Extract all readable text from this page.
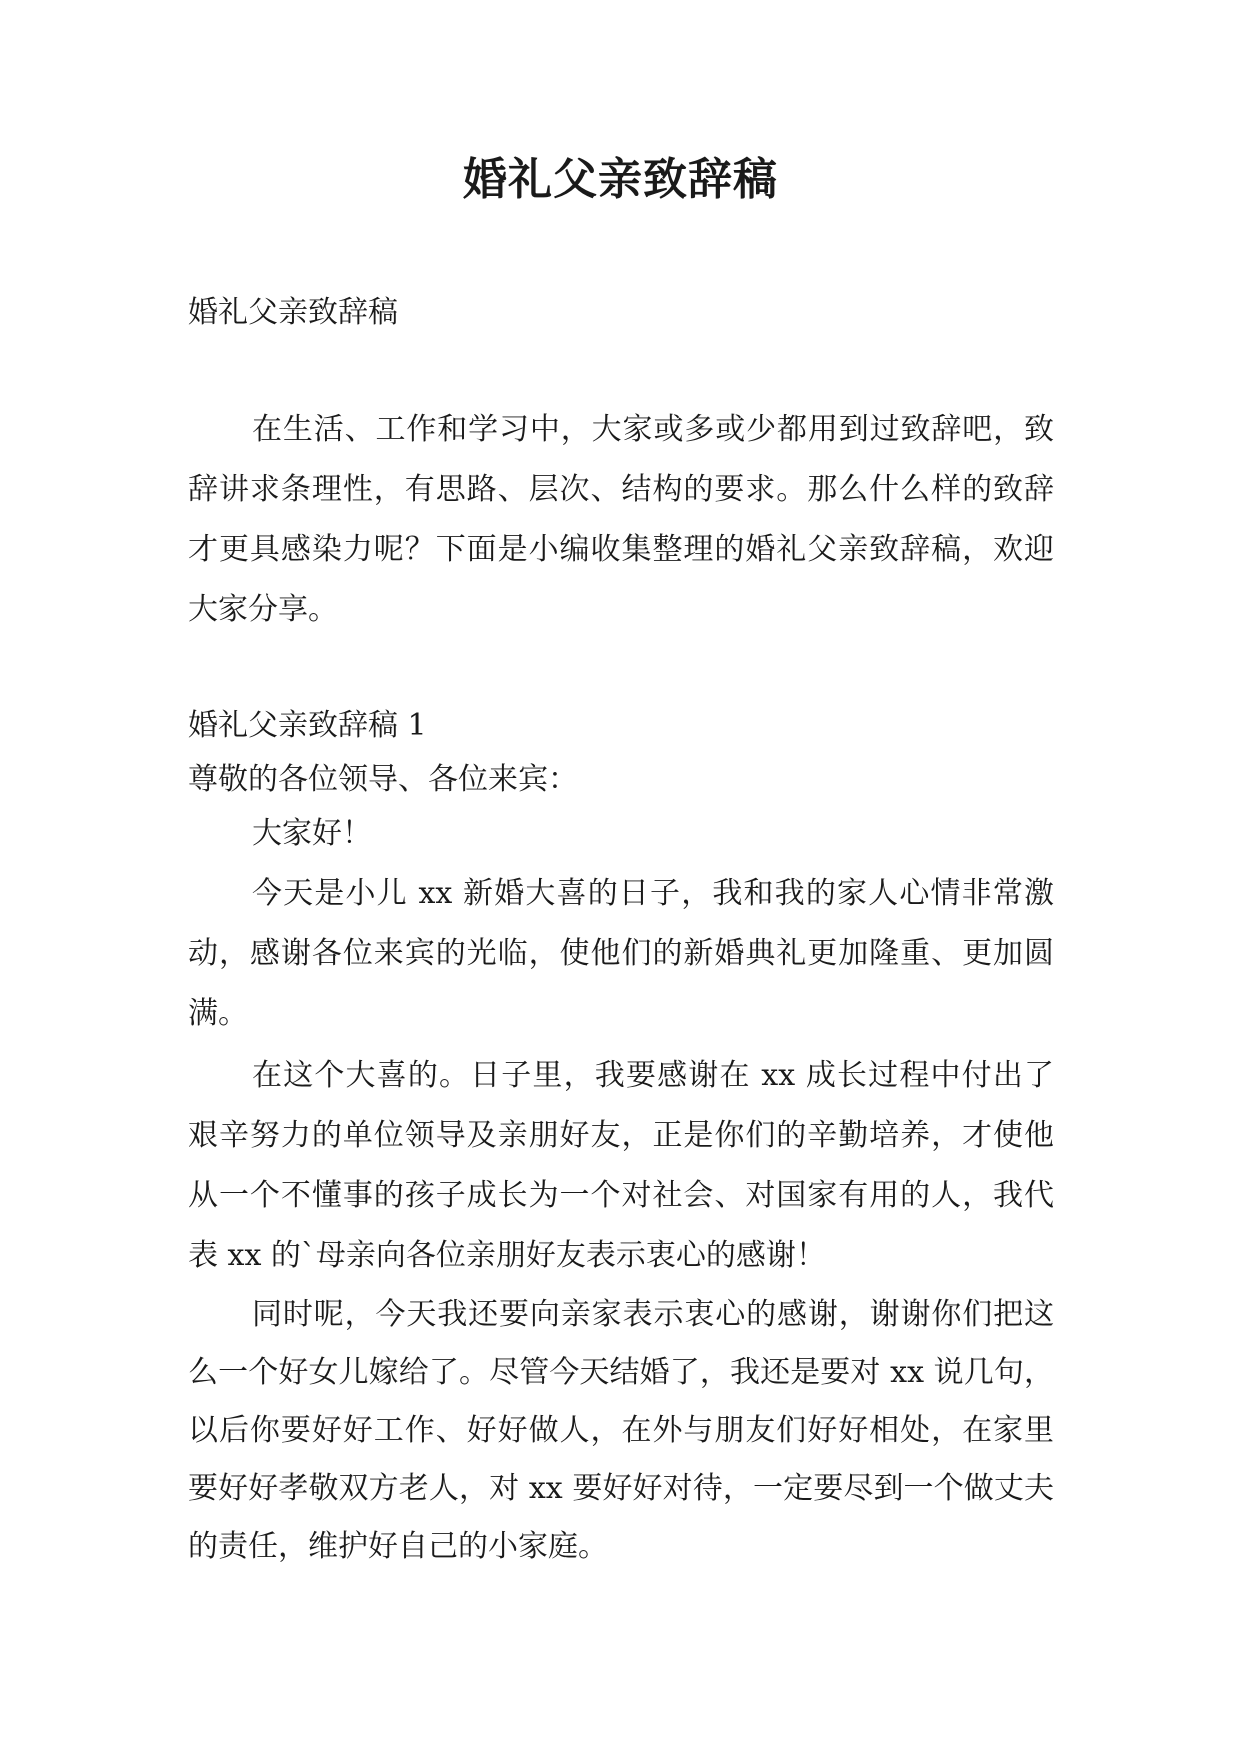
婚礼父亲致辞稿

婚礼父亲致辞稿

在生活、工作和学习中，大家或多或少都用到过致辞吧，致辞讲求条理性，有思路、层次、结构的要求。那么什么样的致辞才更具感染力呢？下面是小编收集整理的婚礼父亲致辞稿，欢迎大家分享。

婚礼父亲致辞稿 1

尊敬的各位领导、各位来宾：

大家好！

今天是小儿 xx 新婚大喜的日子，我和我的家人心情非常激动，感谢各位来宾的光临，使他们的新婚典礼更加隆重、更加圆满。

在这个大喜的。日子里，我要感谢在 xx 成长过程中付出了艰辛努力的单位领导及亲朋好友，正是你们的辛勤培养，才使他从一个不懂事的孩子成长为一个对社会、对国家有用的人，我代表 xx 的`母亲向各位亲朋好友表示衷心的感谢！

同时呢，今天我还要向亲家表示衷心的感谢，谢谢你们把这么一个好女儿嫁给了。尽管今天结婚了，我还是要对 xx 说几句，以后你要好好工作、好好做人，在外与朋友们好好相处，在家里要好好孝敬双方老人，对 xx 要好好对待，一定要尽到一个做丈夫的责任，维护好自己的小家庭。
